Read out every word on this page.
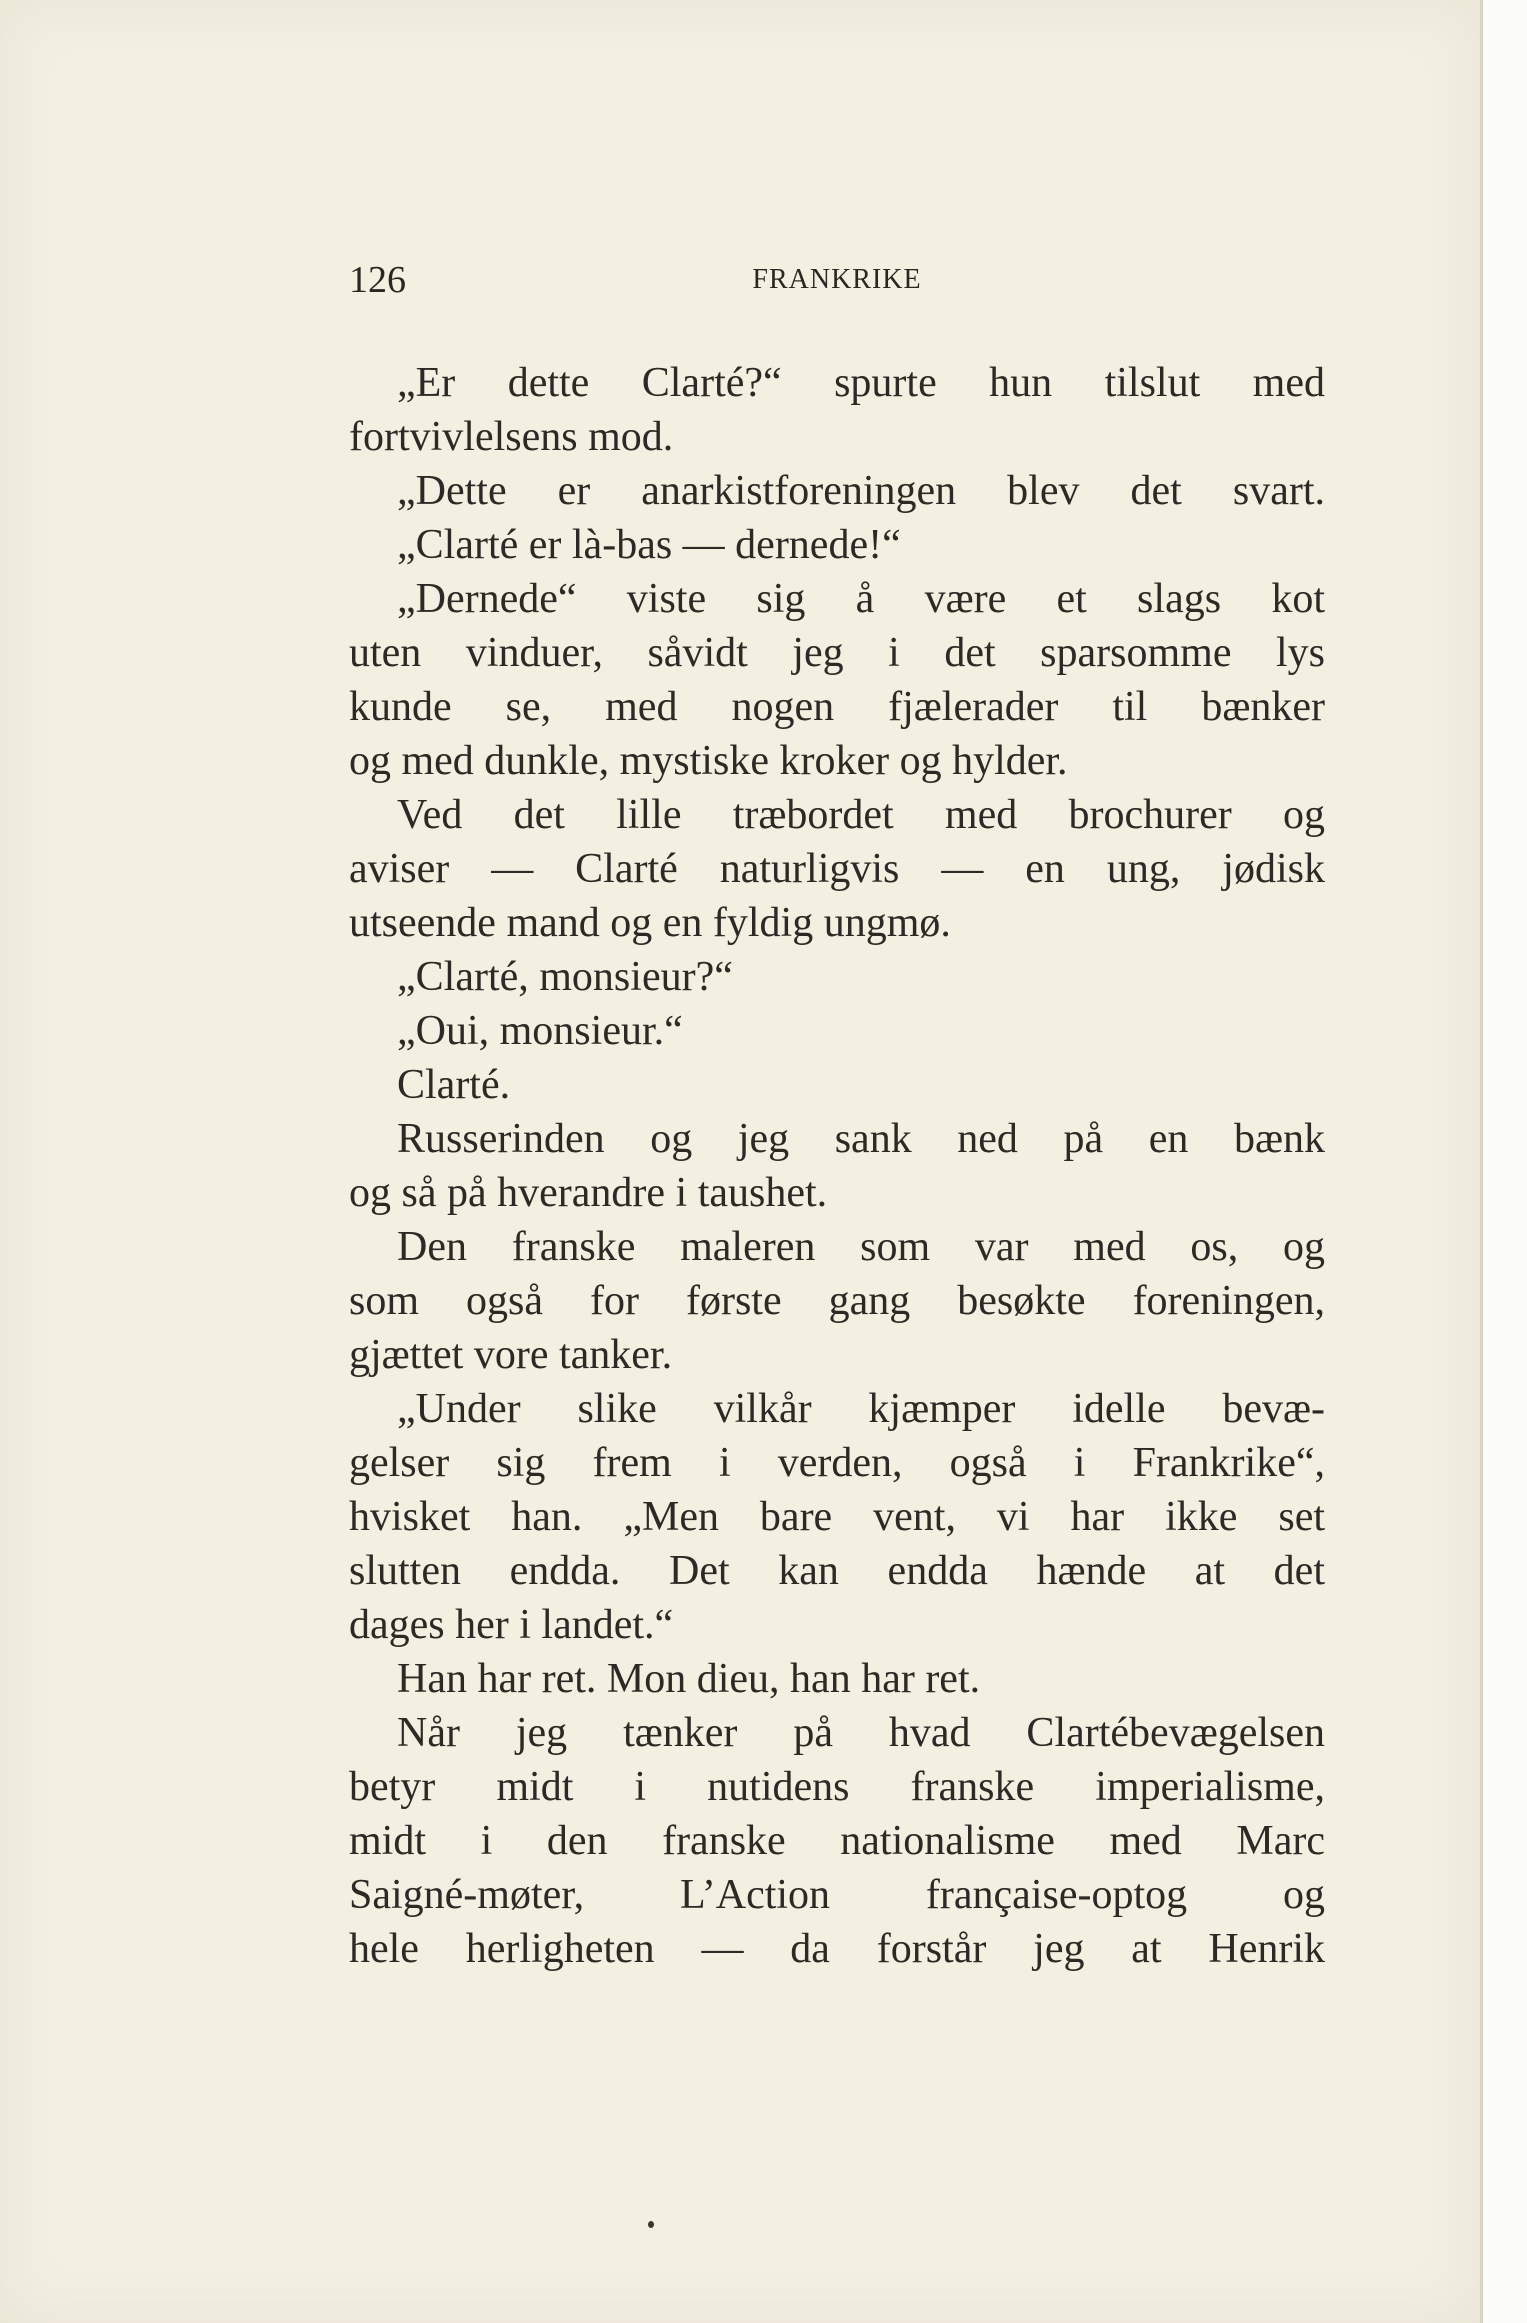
126	FRANKRIKE
„Er dette Clarté?“ spurte hun tilslut med
fortvivlelsens mod.
„Dette er anarkistforeningen blev det svart.
„Clarté er là-bas — dernede!“
„Dernede“ viste sig å være et slags kot
uten vinduer, såvidt jeg i det sparsomme lys
kunde se, med nogen fjælerader til bænker
og med dunkle, mystiske kroker og hylder.
Ved det lille træbordet med brochurer og
aviser — Clarté naturligvis — en ung, jødisk
utseende mand og en fyldig ungmø.
„Clarté, monsieur?“
„Oui, monsieur.“
Clarté.
Russerinden og jeg sank ned på en bænk
og så på hverandre i taushet.
Den franske maleren som var med os, og
som også for første gang besøkte foreningen,
gjættet vore tanker.
„Under slike vilkår kjæmper idelle bevæ-
gelser sig frem i verden, også i Frankrike“,
hvisket han. „Men bare vent, vi har ikke set
slutten endda. Det kan endda hænde at det
dages her i landet.“
Han har ret. Mon dieu, han har ret.
Når jeg tænker på hvad Clartébevægelsen
betyr midt i nutidens franske imperialisme,
midt i den franske nationalisme med Marc
Saigné-møter, L’Action française-optog og
hele herligheten — da forstår jeg at Henrik
